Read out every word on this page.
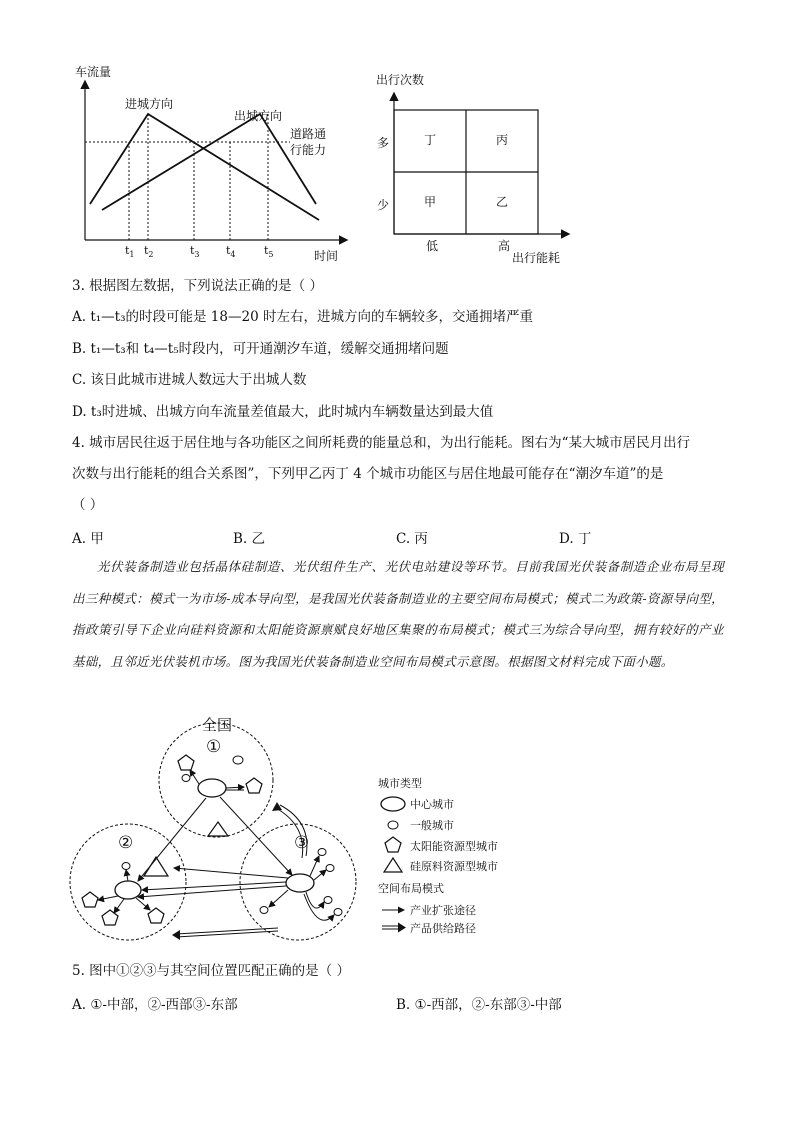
车流量
时间
进城方向
出城方向
道路通
行能力
$t_1$ $t_2$	$t_3$ $t_4$	$t_5$
出行次数
多
少
丁	丙
甲	乙
低	高
出行能耗
3. 根据图左数据，下列说法正确的是（ ）
A. t₁—t₃的时段可能是 18—20 时左右，进城方向的车辆较多，交通拥堵严重
B. t₁—t₃和 t₄—t₅时段内，可开通潮汐车道，缓解交通拥堵问题
C. 该日此城市进城人数远大于出城人数
D. t₃时进城、出城方向车流量差值最大，此时城内车辆数量达到最大值
4. 城市居民往返于居住地与各功能区之间所耗费的能量总和，为出行能耗。图右为“某大城市居民月出行
次数与出行能耗的组合关系图”，下列甲乙丙丁 4 个城市功能区与居住地最可能存在“潮汐车道”的是
（ ）
A. 甲	B. 乙	C. 丙	D. 丁
光伏装备制造业包括晶体硅制造、光伏组件生产、光伏电站建设等环节。目前我国光伏装备制造企业布局呈现出三种模式：模式一为市场-成本导向型，是我国光伏装备制造业的主要空间布局模式；模式二为政策-资源导向型，指政策引导下企业向硅料资源和太阳能资源禀赋良好地区集聚的布局模式；模式三为综合导向型，拥有较好的产业基础，且邻近光伏装机市场。图为我国光伏装备制造业空间布局模式示意图。根据图文材料完成下面小题。
全国
①
②	③
城市类型
中心城市
一般城市
太阳能资源型城市
硅原料资源型城市
空间布局模式
产业扩张途径
产品供给路径
5. 图中①②③与其空间位置匹配正确的是（ ）
A. ①-中部，②-西部③-东部	B. ①-西部，②-东部③-中部
